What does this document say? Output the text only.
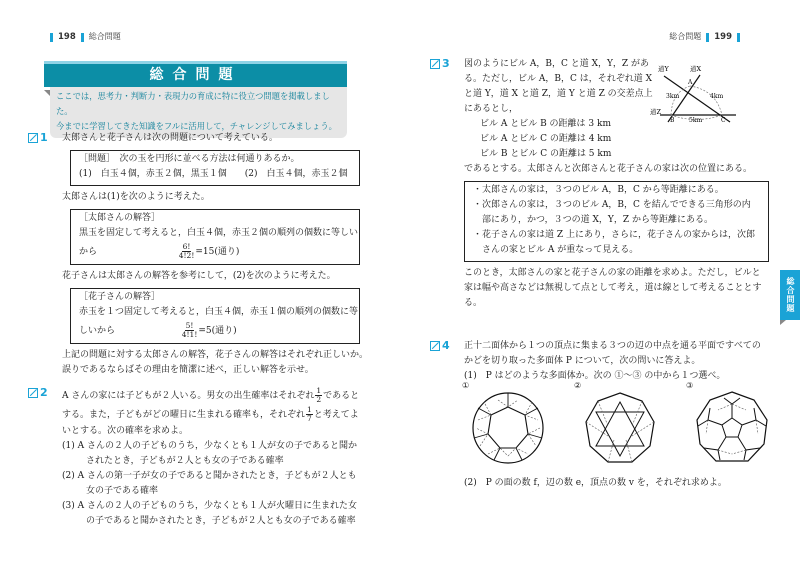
198 総合問題
総合問題
ここでは，思考力・判断力・表現力の育成に特に役立つ問題を掲載しました。
今までに学習してきた知識をフルに活用して，チャレンジしてみましょう。
1 太郎さんと花子さんは次の問題について考えている。
［問題］　次の玉を円形に並べる方法は何通りあるか。
(1)　白玉４個，赤玉２個，黒玉１個　　(2)　白玉４個，赤玉２個
太郎さんは(1)を次のように考えた。
［太郎さんの解答］
黒玉を固定して考えると，白玉４個，赤玉２個の順列の個数に等しい
から	$\frac{6!}{4!2!} =15$(通り)
花子さんは太郎さんの解答を参考にして，(2)を次のように考えた。
［花子さんの解答］
赤玉を１つ固定して考えると，白玉４個，赤玉１個の順列の個数に等
しいから	$\frac{5!}{4!1!} =5$(通り)
上記の問題に対する太郎さんの解答，花子さんの解答はそれぞれ正しいか。
誤りであるならばその理由を簡潔に述べ，正しい解答を示せ。
2 A さんの家には子どもが２人いる。男女の出生確率はそれぞれ $\frac{1}{2}$ であると
する。また，子どもがどの曜日に生まれる確率も，それぞれ $\frac{1}{7}$ と考えてよ
いとする。次の確率を求めよ。
(1) A さんの２人の子どものうち，少なくとも１人が女の子であると聞か
されたとき，子どもが２人とも女の子である確率
(2) A さんの第一子が女の子であると聞かされたとき，子どもが２人とも
女の子である確率
(3) A さんの２人の子どものうち，少なくとも１人が火曜日に生まれた女
の子であると聞かされたとき，子どもが２人とも女の子である確率
総合問題 199
総合問題
3 図のようにビル A，B，C と道 X，Y，Z があ
る。ただし，ビル A，B，C は，それぞれ道 X
と道 Y，道 X と道 Z，道 Y と道 Z の交差点上
にあるとし，
ビル A とビル B の距離は 3 km
ビル A とビル C の距離は 4 km
ビル B とビル C の距離は 5 km
であるとする。太郎さんと次郎さんと花子さんの家は次の位置にある。
・太郎さんの家は，３つのビル A，B，C から等距離にある。
・次郎さんの家は，３つのビル A，B，C を結んでできる三角形の内
　部にあり，かつ，３つの道 X，Y，Z から等距離にある。
・花子さんの家は道 Z 上にあり，さらに，花子さんの家からは，次郎
　さんの家とビル A が重なって見える。
このとき，太郎さんの家と花子さんの家の距離を求めよ。ただし，ビルと
家は幅や高さなどは無視して点として考え，道は線として考えることとす
る。
道Y	道X
道Z
A
B	C
3km	4km
5km
4 正十二面体から１つの頂点に集まる３つの辺の中点を通る平面ですべての
かどを切り取った多面体 P について，次の問いに答えよ。
(1)　P はどのような多面体か。次の ①～③ の中から１つ選べ。
(2)　P の面の数 f，辺の数 e，頂点の数 v を，それぞれ求めよ。
①	②	③
